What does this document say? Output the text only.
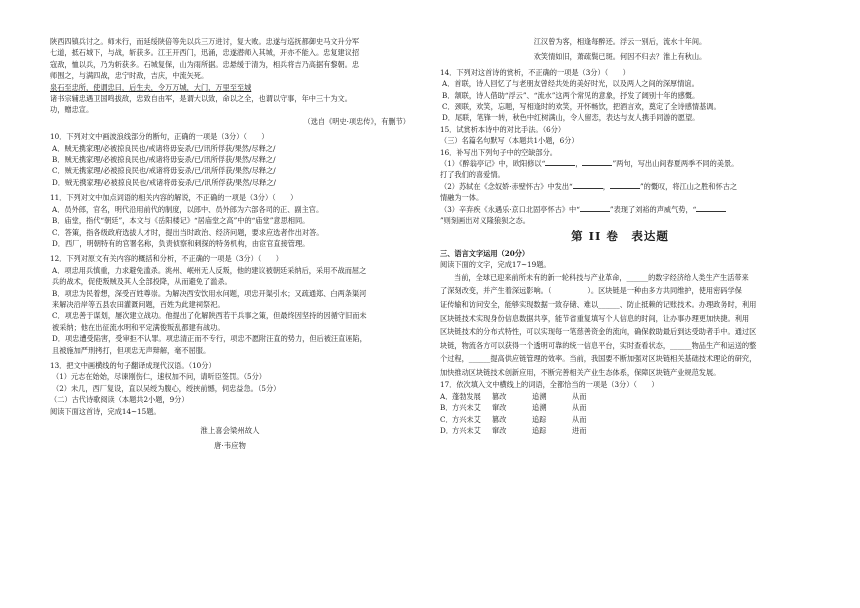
陕西四镇兵讨之。师未行，而延绥陕倍等先以兵三万进讨，复大败。忠遂与巡抚都御史马文升分军

七道，抵石城下，与战，斩获多。江王开西门，迅涌，忠遂潜师入其城，开亦不能入。忠复建议招

寇敌，恤以兵，乃为斩获多。石城复保，山为雨所据。忠悬缓于清为，相兵将吉乃高据有黎朝。忠

师围之，与满四战，忠宁时敌，吉庆，中流矢死。

泉石至忠所，使谓忠曰，后生夫，令万万城，大门，万里至至城

诸书宗辅忠遇卫国鸣拔敌，忠致自由军，是谓大以致，命以之全，也谓以守事，年中三十为文。

功，赠忠宣。

（选自《明史·项忠传》，有删节）

10．下列对文中画波浪线部分的断句，正确的一项是（3分）（　　）

A．贼无携家理/必被掠良民也/戒诸将毋妄杀/已/讯所俘获/果然/尽释之/

B．贼无携家理/必被掠良民也/戒诸将毋妄杀/已/讯所俘获/果然/尽释之/

C．贼无携家理/必被掠良民也/戒诸将毋妄杀/已/讯所俘获/果然/尽释之/

D．贼无携家理/必被掠良民也/戒诸将毋妄杀/已/讯所俘获/果然/尽释之/

11．下列对文中加点词语的相关内容的解说，不正确的一项是（3分）（　　）

A．员外郎，官名，明代沿用前代的制度，以郎中、员外郎为六部各司的正、副主官。

B．庙堂，指代“朝廷”，本文与《岳阳楼记》“居庙堂之高”中的“庙堂”意思相同。

C．答策，指各级政府选拔人才时，提出当时政治、经济问题，要求应选者作出对答。

D．西厂，明朝特有的官署名称，负责侦察和刺探的特务机构，由宦官直接管理。

12．下列对原文有关内容的概括和分析，不正确的一项是（3分）（　　）

A．项忠用兵慎重，力求避免滥杀。洮州、岷州无人反叛，他的建议被朝廷采纳后，采用不战而屈之

兵的战术，促使叛贼及其人全部投降，从而避免了滥杀。

B．项忠为民着想，深受百姓尊崇。为解决西安饮用水问题，项忠开渠引水；又疏通郑、白两条渠河

来解决沿岸等五县农田灌溉问题，百姓为此建祠祭祀。

C．项忠善于谋划，屡次建立战功。他提出了化解陕西若干兵事之策，但最终因坚持的因循守旧而未

被采纳；他在出征流水明和平定满俊叛乱都建有战功。

D．项忠遭受陷害，受审拒不认罪。项忠清正而不专行，项忠不愿附汪直的势力，但后被汪直诬陷，

且被施加严刑拷打，但项忠无声辩解，毫不屈服。

13．把文中画横线的句子翻译成现代汉语。（10分）

（1）元志在始始，尽谏刚伤仁，速权加不问，请听臣签罚。（5分）

（2）未几，西厂复设，直以吴绶为腹心，绶挟前憾，伺忠益急。（5分）

（二）古代诗歌阅读（本题共2小题，9分）

阅读下面这首诗，完成14~15题。

淮上喜会梁州故人

唐·韦应物

江汉曾为客，相逢每醉还。浮云一别后，流水十年间。

欢笑情如旧，萧疏鬓已斑。何因不归去？淮上有秋山。

14．下列对这首诗的赏析，不正确的一项是（3分）（　　）

A．首联，诗人回忆了与老朋友曾经共处的美好时光，以及两人之间的深厚情谊。

B．颔联，诗人借助“浮云”、“流水”这两个常见的意象，抒发了阔别十年的感慨。

C．颈联，欢笑，忘题，写相逢时的欢笑，开怀畅饮，把酒言欢，奠定了全诗感情基调。

D．尾联，笔锋一转，秋色中红树满山，令人留恋，表达与友人携手同游的愿望。

15．试赏析本诗中的对比手法。（6分）

（三）名篇名句默写（本题共1小题，6分）

16．补写出下列句子中的空缺部分。

（1）《醉翁亭记》中，欧阳修以“	，	”两句，写出山间春夏两季不同的美景。

打了我们的喜爱情。

（2）苏轼在《念奴娇·赤壁怀古》中发出“	，	”的慨叹，将江山之胜和怀古之

情融为一体。

（3）辛弃疾《永遇乐·京口北固亭怀古》中“	”表现了刘裕的声威气势，“

”则刻画出对义隆狼狈之态。

第 II 卷　表达题

三、语言文字运用（20分）

阅读下面的文字，完成17~19题。

当前，全球已迎来前所未有的新一轮科技与产业革命，______的数字经济给人类生产生活带来

了深刻改变，并产生着深远影响。（　　　　　）。区块链是一种由多方共同维护，使用密码学保

证传输和访问安全，能够实现数据一致存储、难以______、防止抵赖的记账技术。办理政务时，利用

区块链技术实现身份信息数据共享，能节省重复填写个人信息的时间，让办事办理更加快捷。利用

区块链技术的分布式特性，可以实现每一笔慈善资金的流向，确保救助最后到达受助者手中。通过区

块链，物流各方可以获得一个透明可靠的统一信息平台，实时查看状态，______物品生产和运送的整

个过程，______提高供应链管理的效率。当前，我国要不断加强对区块链相关基础技术理论的研究，

加快推动区块链技术创新应用，不断完善相关产业生态体系，保障区块链产业规范发展。

17．依次填入文中横线上的词语，全都恰当的一项是（3分）（　　）

A． 蓬勃发展	篡改	追溯	从而
B． 方兴未艾	窜改	追溯	从而
C． 方兴未艾	篡改	追踪	从而
D． 方兴未艾	窜改	追踪	进而
